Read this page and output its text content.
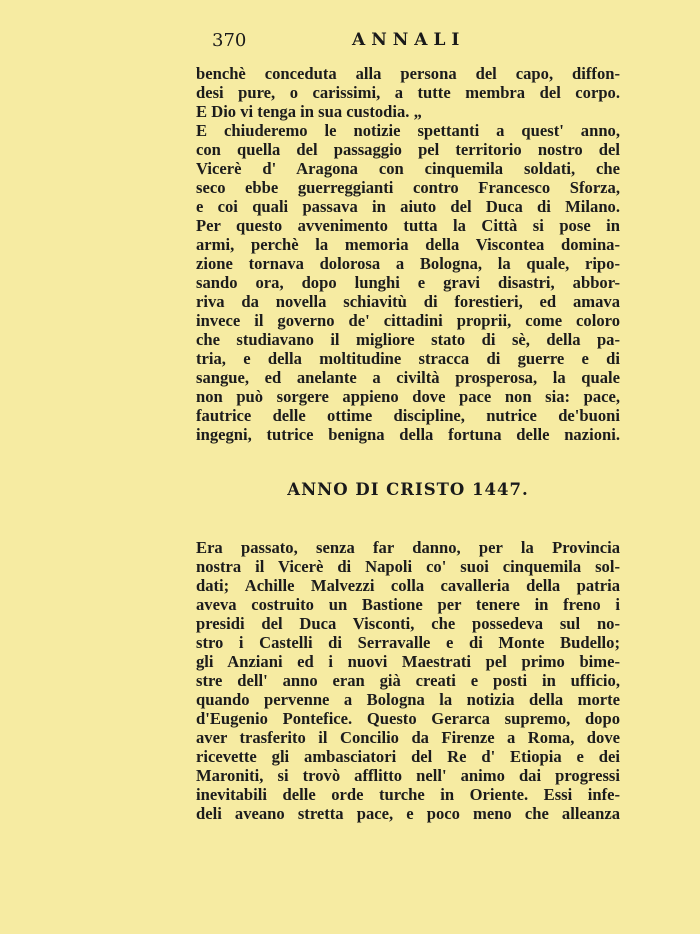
370	ANNALI
benchè conceduta alla persona del capo, diffon-
desi pure, o carissimi, a tutte membra del corpo.
E Dio vi tenga in sua custodia. „
E chiuderemo le notizie spettanti a quest' anno,
con quella del passaggio pel territorio nostro del
Vicerè d' Aragona con cinquemila soldati, che
seco ebbe guerreggianti contro Francesco Sforza,
e coi quali passava in aiuto del Duca di Milano.
Per questo avvenimento tutta la Città si pose in
armi, perchè la memoria della Viscontea domina-
zione tornava dolorosa a Bologna, la quale, ripo-
sando ora, dopo lunghi e gravi disastri, abbor-
riva da novella schiavitù di forestieri, ed amava
invece il governo de' cittadini proprii, come coloro
che studiavano il migliore stato di sè, della pa-
tria, e della moltitudine stracca di guerre e di
sangue, ed anelante a civiltà prosperosa, la quale
non può sorgere appieno dove pace non sia: pace,
fautrice delle ottime discipline, nutrice de'buoni
ingegni, tutrice benigna della fortuna delle nazioni.
ANNO DI CRISTO 1447.
Era passato, senza far danno, per la Provincia
nostra il Vicerè di Napoli co' suoi cinquemila sol-
dati; Achille Malvezzi colla cavalleria della patria
aveva costruito un Bastione per tenere in freno i
presidi del Duca Visconti, che possedeva sul no-
stro i Castelli di Serravalle e di Monte Budello;
gli Anziani ed i nuovi Maestrati pel primo bime-
stre dell' anno eran già creati e posti in ufficio,
quando pervenne a Bologna la notizia della morte
d'Eugenio Pontefice. Questo Gerarca supremo, dopo
aver trasferito il Concilio da Firenze a Roma, dove
ricevette gli ambasciatori del Re d' Etiopia e dei
Maroniti, si trovò afflitto nell' animo dai progressi
inevitabili delle orde turche in Oriente. Essi infe-
deli aveano stretta pace, e poco meno che alleanza
